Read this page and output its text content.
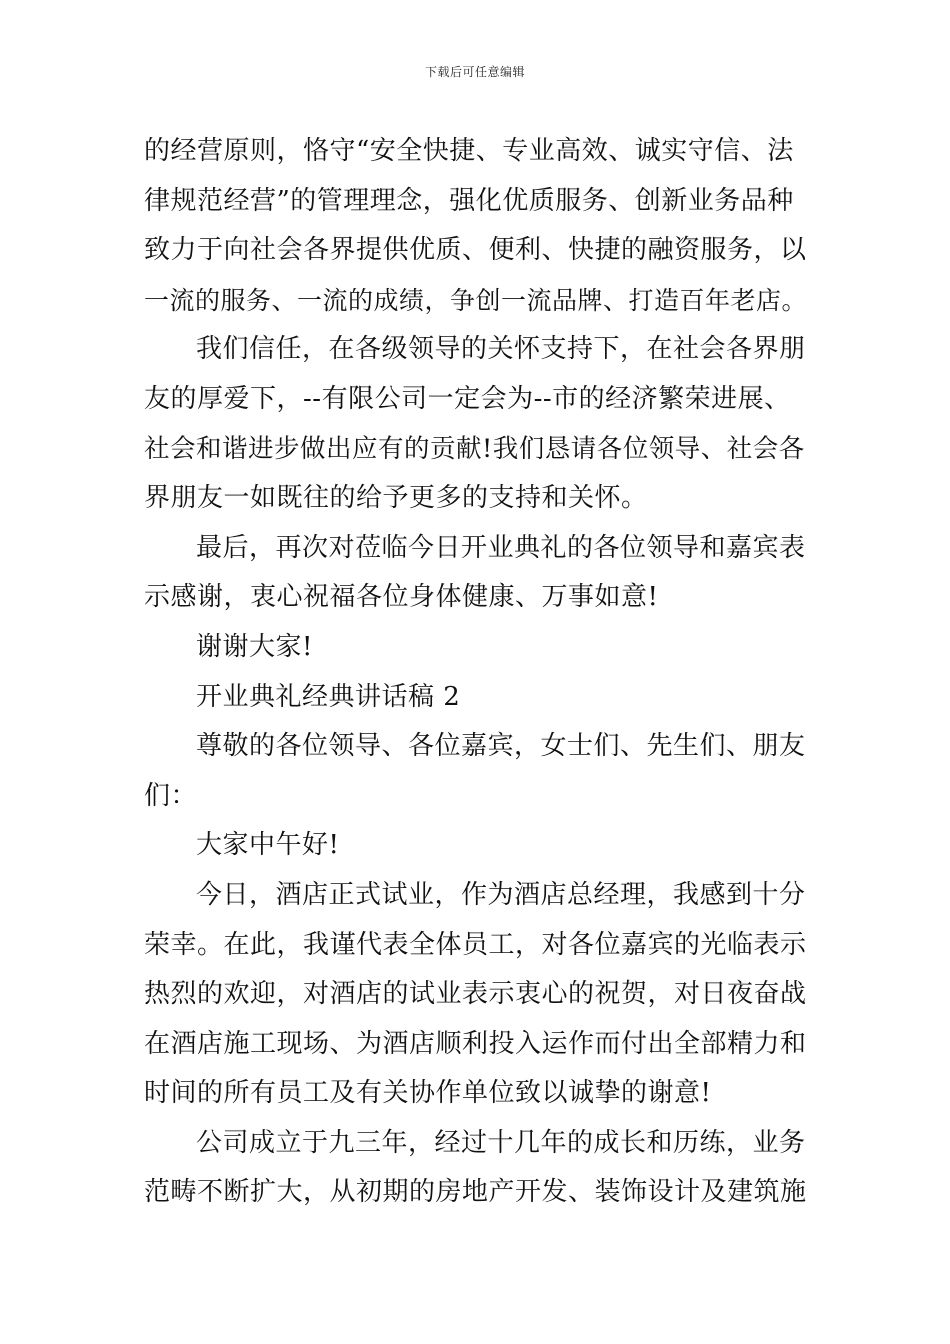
下载后可任意编辑
的经营原则，恪守“安全快捷、专业高效、诚实守信、法
律规范经营”的管理理念，强化优质服务、创新业务品种
致力于向社会各界提供优质、便利、快捷的融资服务，以
一流的服务、一流的成绩，争创一流品牌、打造百年老店。
我们信任，在各级领导的关怀支持下，在社会各界朋
友的厚爱下，--有限公司一定会为--市的经济繁荣进展、
社会和谐进步做出应有的贡献!我们恳请各位领导、社会各
界朋友一如既往的给予更多的支持和关怀。
最后，再次对莅临今日开业典礼的各位领导和嘉宾表
示感谢，衷心祝福各位身体健康、万事如意!
谢谢大家!
开业典礼经典讲话稿 2
尊敬的各位领导、各位嘉宾，女士们、先生们、朋友
们：
大家中午好!
今日，酒店正式试业，作为酒店总经理，我感到十分
荣幸。在此，我谨代表全体员工，对各位嘉宾的光临表示
热烈的欢迎，对酒店的试业表示衷心的祝贺，对日夜奋战
在酒店施工现场、为酒店顺利投入运作而付出全部精力和
时间的所有员工及有关协作单位致以诚挚的谢意!
公司成立于九三年，经过十几年的成长和历练，业务
范畴不断扩大，从初期的房地产开发、装饰设计及建筑施
